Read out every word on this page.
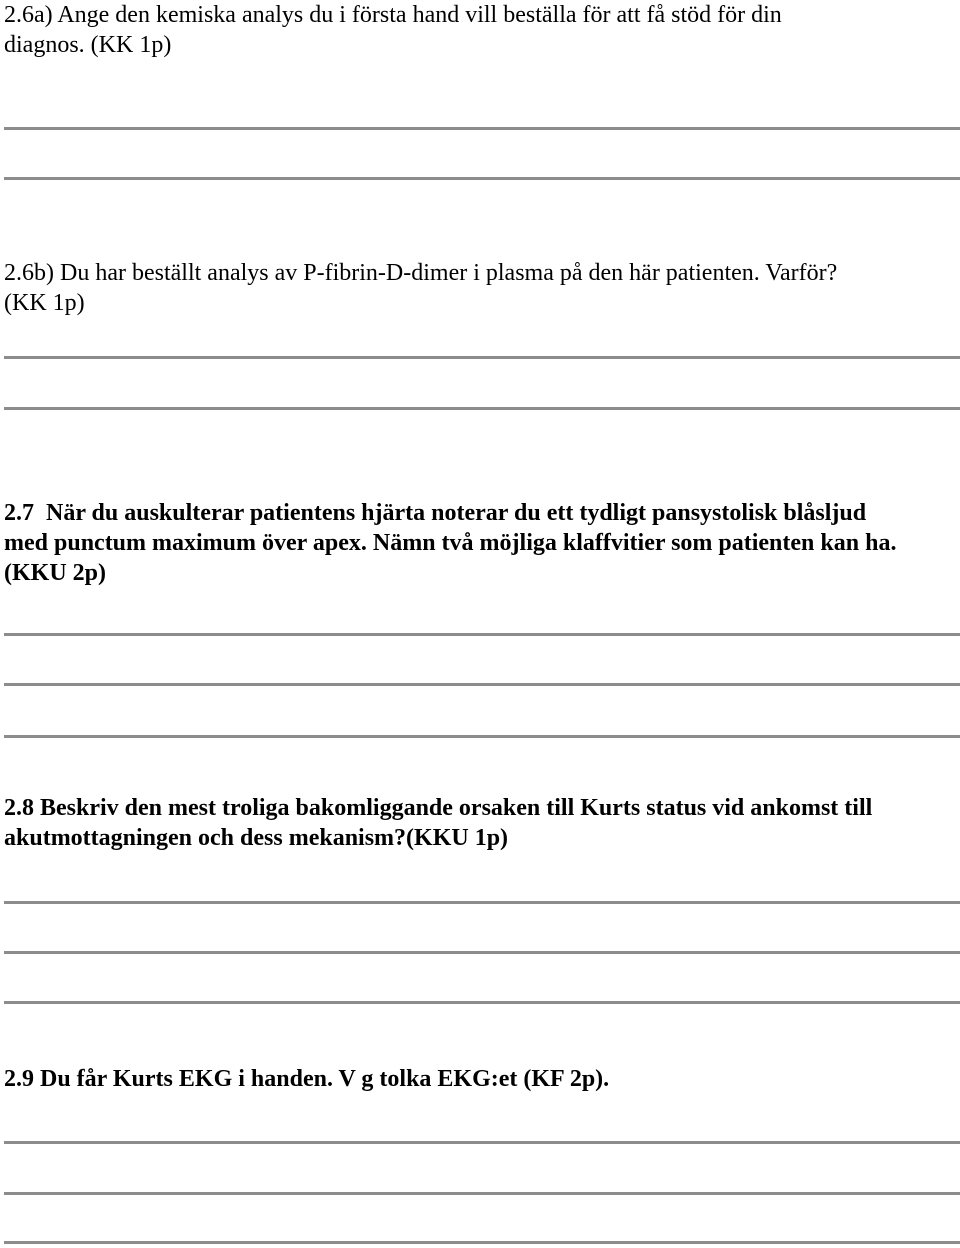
2.6a) Ange den kemiska analys du i första hand vill beställa för att få stöd för din
diagnos. (KK 1p)

2.6b) Du har beställt analys av P-fibrin-D-dimer i plasma på den här patienten. Varför?
(KK 1p)

2.7  När du auskulterar patientens hjärta noterar du ett tydligt pansystolisk blåsljud
med punctum maximum över apex. Nämn två möjliga klaffvitier som patienten kan ha.
(KKU 2p)

2.8 Beskriv den mest troliga bakomliggande orsaken till Kurts status vid ankomst till
akutmottagningen och dess mekanism?(KKU 1p)

2.9 Du får Kurts EKG i handen. V g tolka EKG:et (KF 2p).
